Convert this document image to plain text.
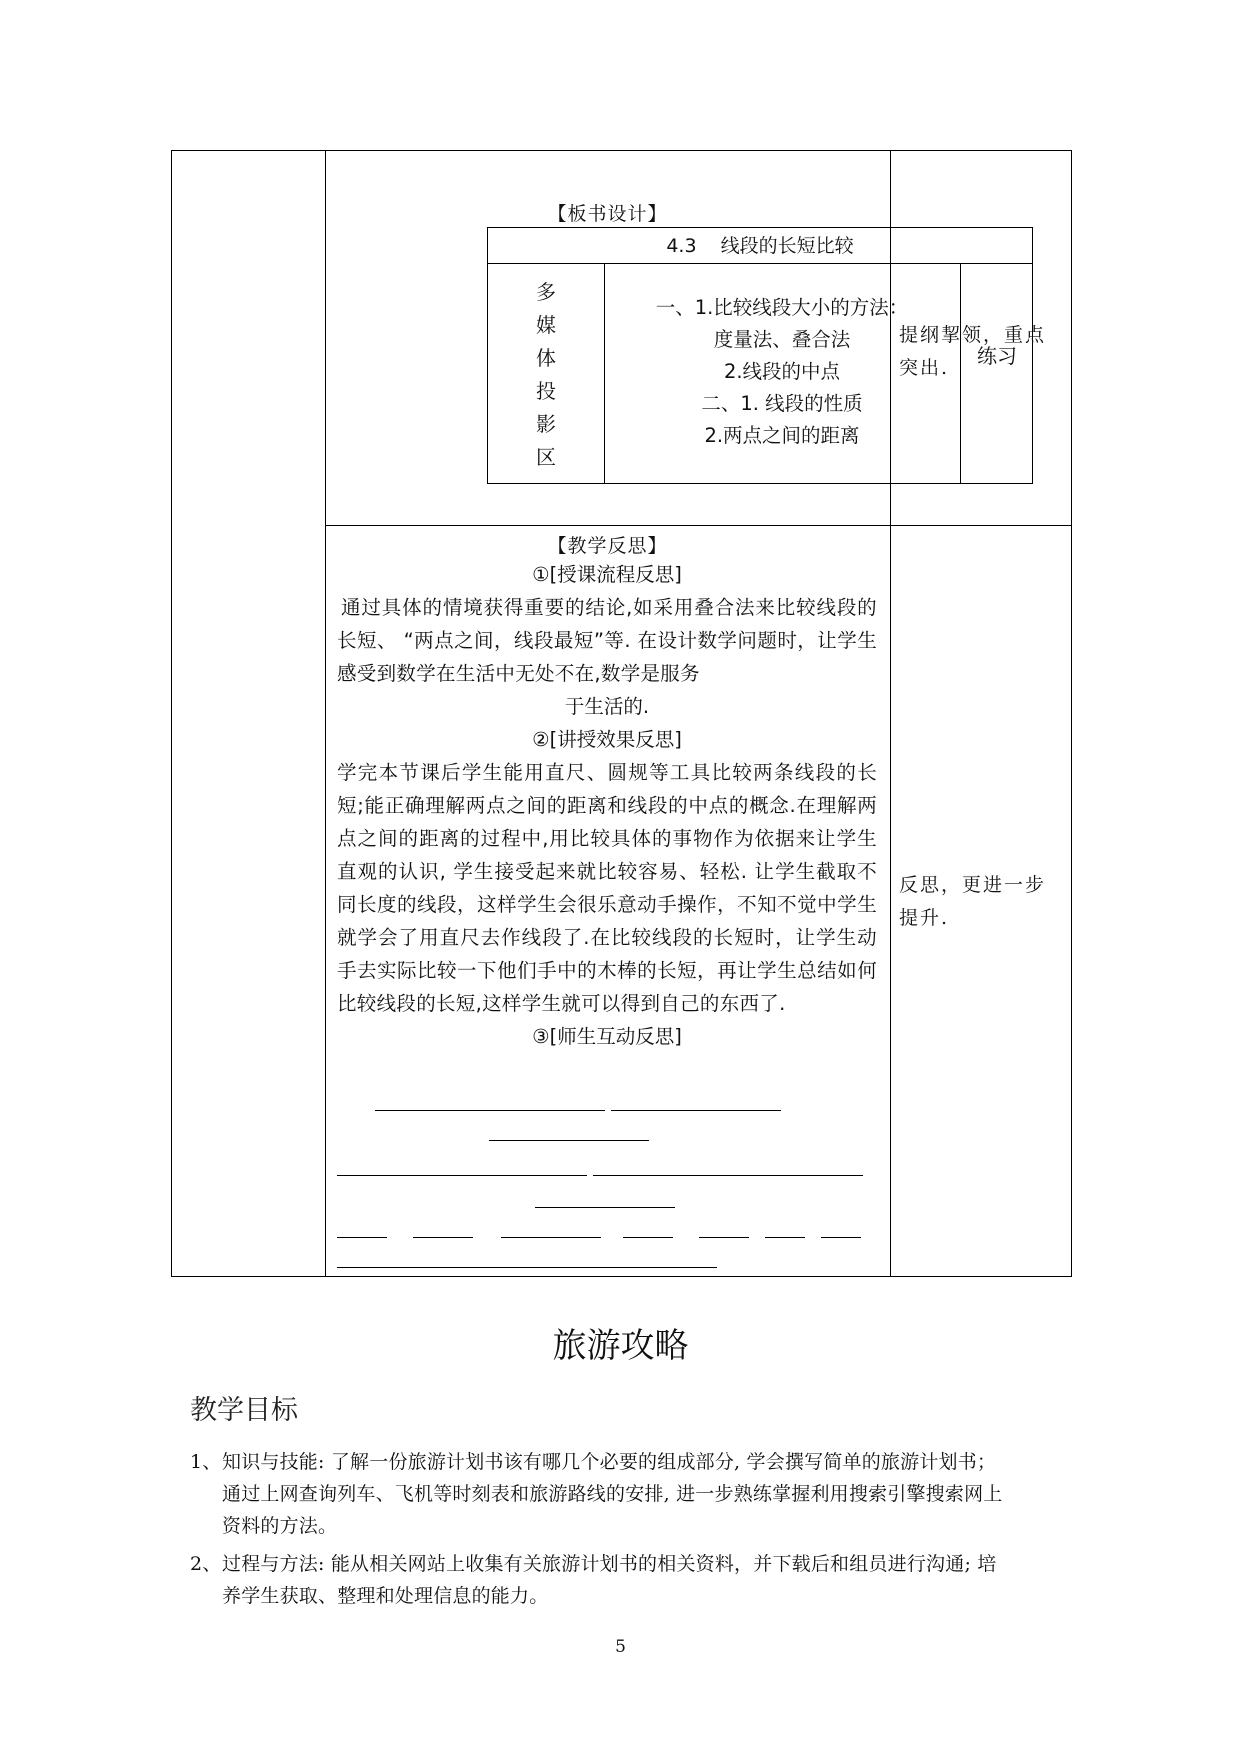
【板书设计】
4.3    线段的长短比较
多
媒
体
投
影
区
一、1.比较线段大小的方法：
度量法、叠合法
2.线段的中点
二、1. 线段的性质
2.两点之间的距离
练习
提纲挈领，重点
突出.
【教学反思】
①[授课流程反思]
通过具体的情境获得重要的结论,如采用叠合法来比较线段的长短、 “两点之间，线段最短”等. 在设计数学问题时，让学生感受到数学在生活中无处不在,数学是服务
于生活的.
②[讲授效果反思]
学完本节课后学生能用直尺、圆规等工具比较两条线段的长短;能正确理解两点之间的距离和线段的中点的概念.在理解两点之间的距离的过程中,用比较具体的事物作为依据来让学生直观的认识, 学生接受起来就比较容易、轻松. 让学生截取不同长度的线段，这样学生会很乐意动手操作，不知不觉中学生就学会了用直尺去作线段了.在比较线段的长短时，让学生动手去实际比较一下他们手中的木棒的长短，再让学生总结如何比较线段的长短,这样学生就可以得到自己的东西了.
③[师生互动反思]
反思，更进一步
提升.
旅游攻略
教学目标
1、知识与技能: 了解一份旅游计划书该有哪几个必要的组成部分, 学会撰写简单的旅游计划书；
通过上网查询列车、飞机等时刻表和旅游路线的安排, 进一步熟练掌握利用搜索引擎搜索网上
资料的方法。
2、过程与方法: 能从相关网站上收集有关旅游计划书的相关资料，并下载后和组员进行沟通; 培
养学生获取、整理和处理信息的能力。
5
